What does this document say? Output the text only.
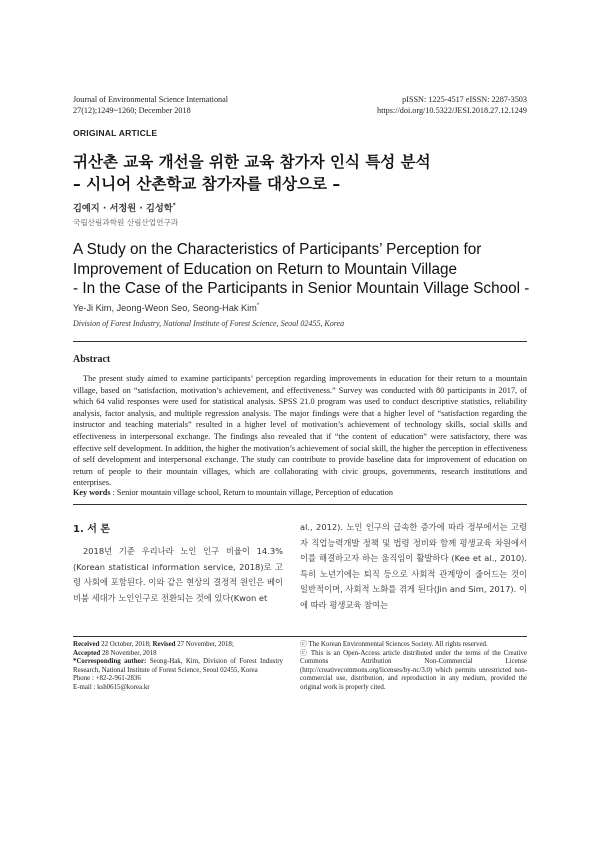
Journal of Environmental Science International
27(12);1249~1260; December 2018
pISSN: 1225-4517 eISSN: 2287-3503
https://doi.org/10.5322/JESI.2018.27.12.1249
ORIGINAL ARTICLE
귀산촌 교육 개선을 위한 교육 참가자 인식 특성 분석
– 시니어 산촌학교 참가자를 대상으로 –
김예지 · 서정원 · 김성학*
국립산림과학원 산림산업연구과
A Study on the Characteristics of Participants’ Perception for
Improvement of Education on Return to Mountain Village
- In the Case of the Participants in Senior Mountain Village School -
Ye-Ji Kim, Jeong-Weon Seo, Seong-Hak Kim*
Division of Forest Industry, National Institute of Forest Science, Seoul 02455, Korea
Abstract

The present study aimed to examine participants’ perception regarding improvements in education for their return to a mountain village, based on “satisfaction, motivation’s achievement, and effectiveness.” Survey was conducted with 80 participants in 2017, of which 64 valid responses were used for statistical analysis. SPSS 21.0 program was used to conduct descriptive statistics, reliability analysis, factor analysis, and multiple regression analysis. The major findings were that a higher level of “satisfaction regarding the instructor and teaching materials” resulted in a higher level of motivation’s achievement of technology skills, social skills and effectiveness in interpersonal exchange. The findings also revealed that if “the content of education” were satisfactory, there was effective self development. In addition, the higher the motivation’s achievement of social skill, the higher the perception in effectiveness of self development and interpersonal exchange. The study can contribute to provide baseline data for improvement of education on return of people to their mountain villages, which are collaborating with civic groups, governments, research institutions and enterprises.

Key words : Senior mountain village school, Return to mountain village, Perception of education
1. 서 론

2018년 기준 우리나라 노인 인구 비율이 14.3% (Korean statistical information service, 2018)로 고령 사회에 포함된다. 이와 같은 현상의 결정적 원인은 베이비붐 세대가 노인인구로 전환되는 것에 있다(Kwon et

al., 2012). 노인 인구의 급속한 증가에 따라 정부에서는 고령자 직업능력개발 정책 및 법령 정비와 함께 평생교육 차원에서 이를 해결하고자 하는 움직임이 활발하다 (Kee et al., 2010). 특히 노년기에는 퇴직 등으로 사회적 관계망이 줄어드는 것이 일반적이며, 사회적 노화를 겪게 된다(Jin and Sim, 2017). 이에 따라 평생교육 참여는

Received 22 October, 2018; Revised 27 November, 2018;
Accepted 28 November, 2018
*Corresponding author: Seong-Hak, Kim, Division of Forest Industry Research, National Institute of Forest Science, Seoul 02455, Korea
Phone : +82-2-961-2836
E-mail : ksh0615@korea.kr
ⓒ The Korean Environmental Sciences Society. All rights reserved.
ⓒ This is an Open-Access article distributed under the terms of the Creative Commons Attribution Non-Commercial License (http://creativecommons.org/licenses/by-nc/3.0) which permits unrestricted non-commercial use, distribution, and reproduction in any medium, provided the original work is properly cited.
